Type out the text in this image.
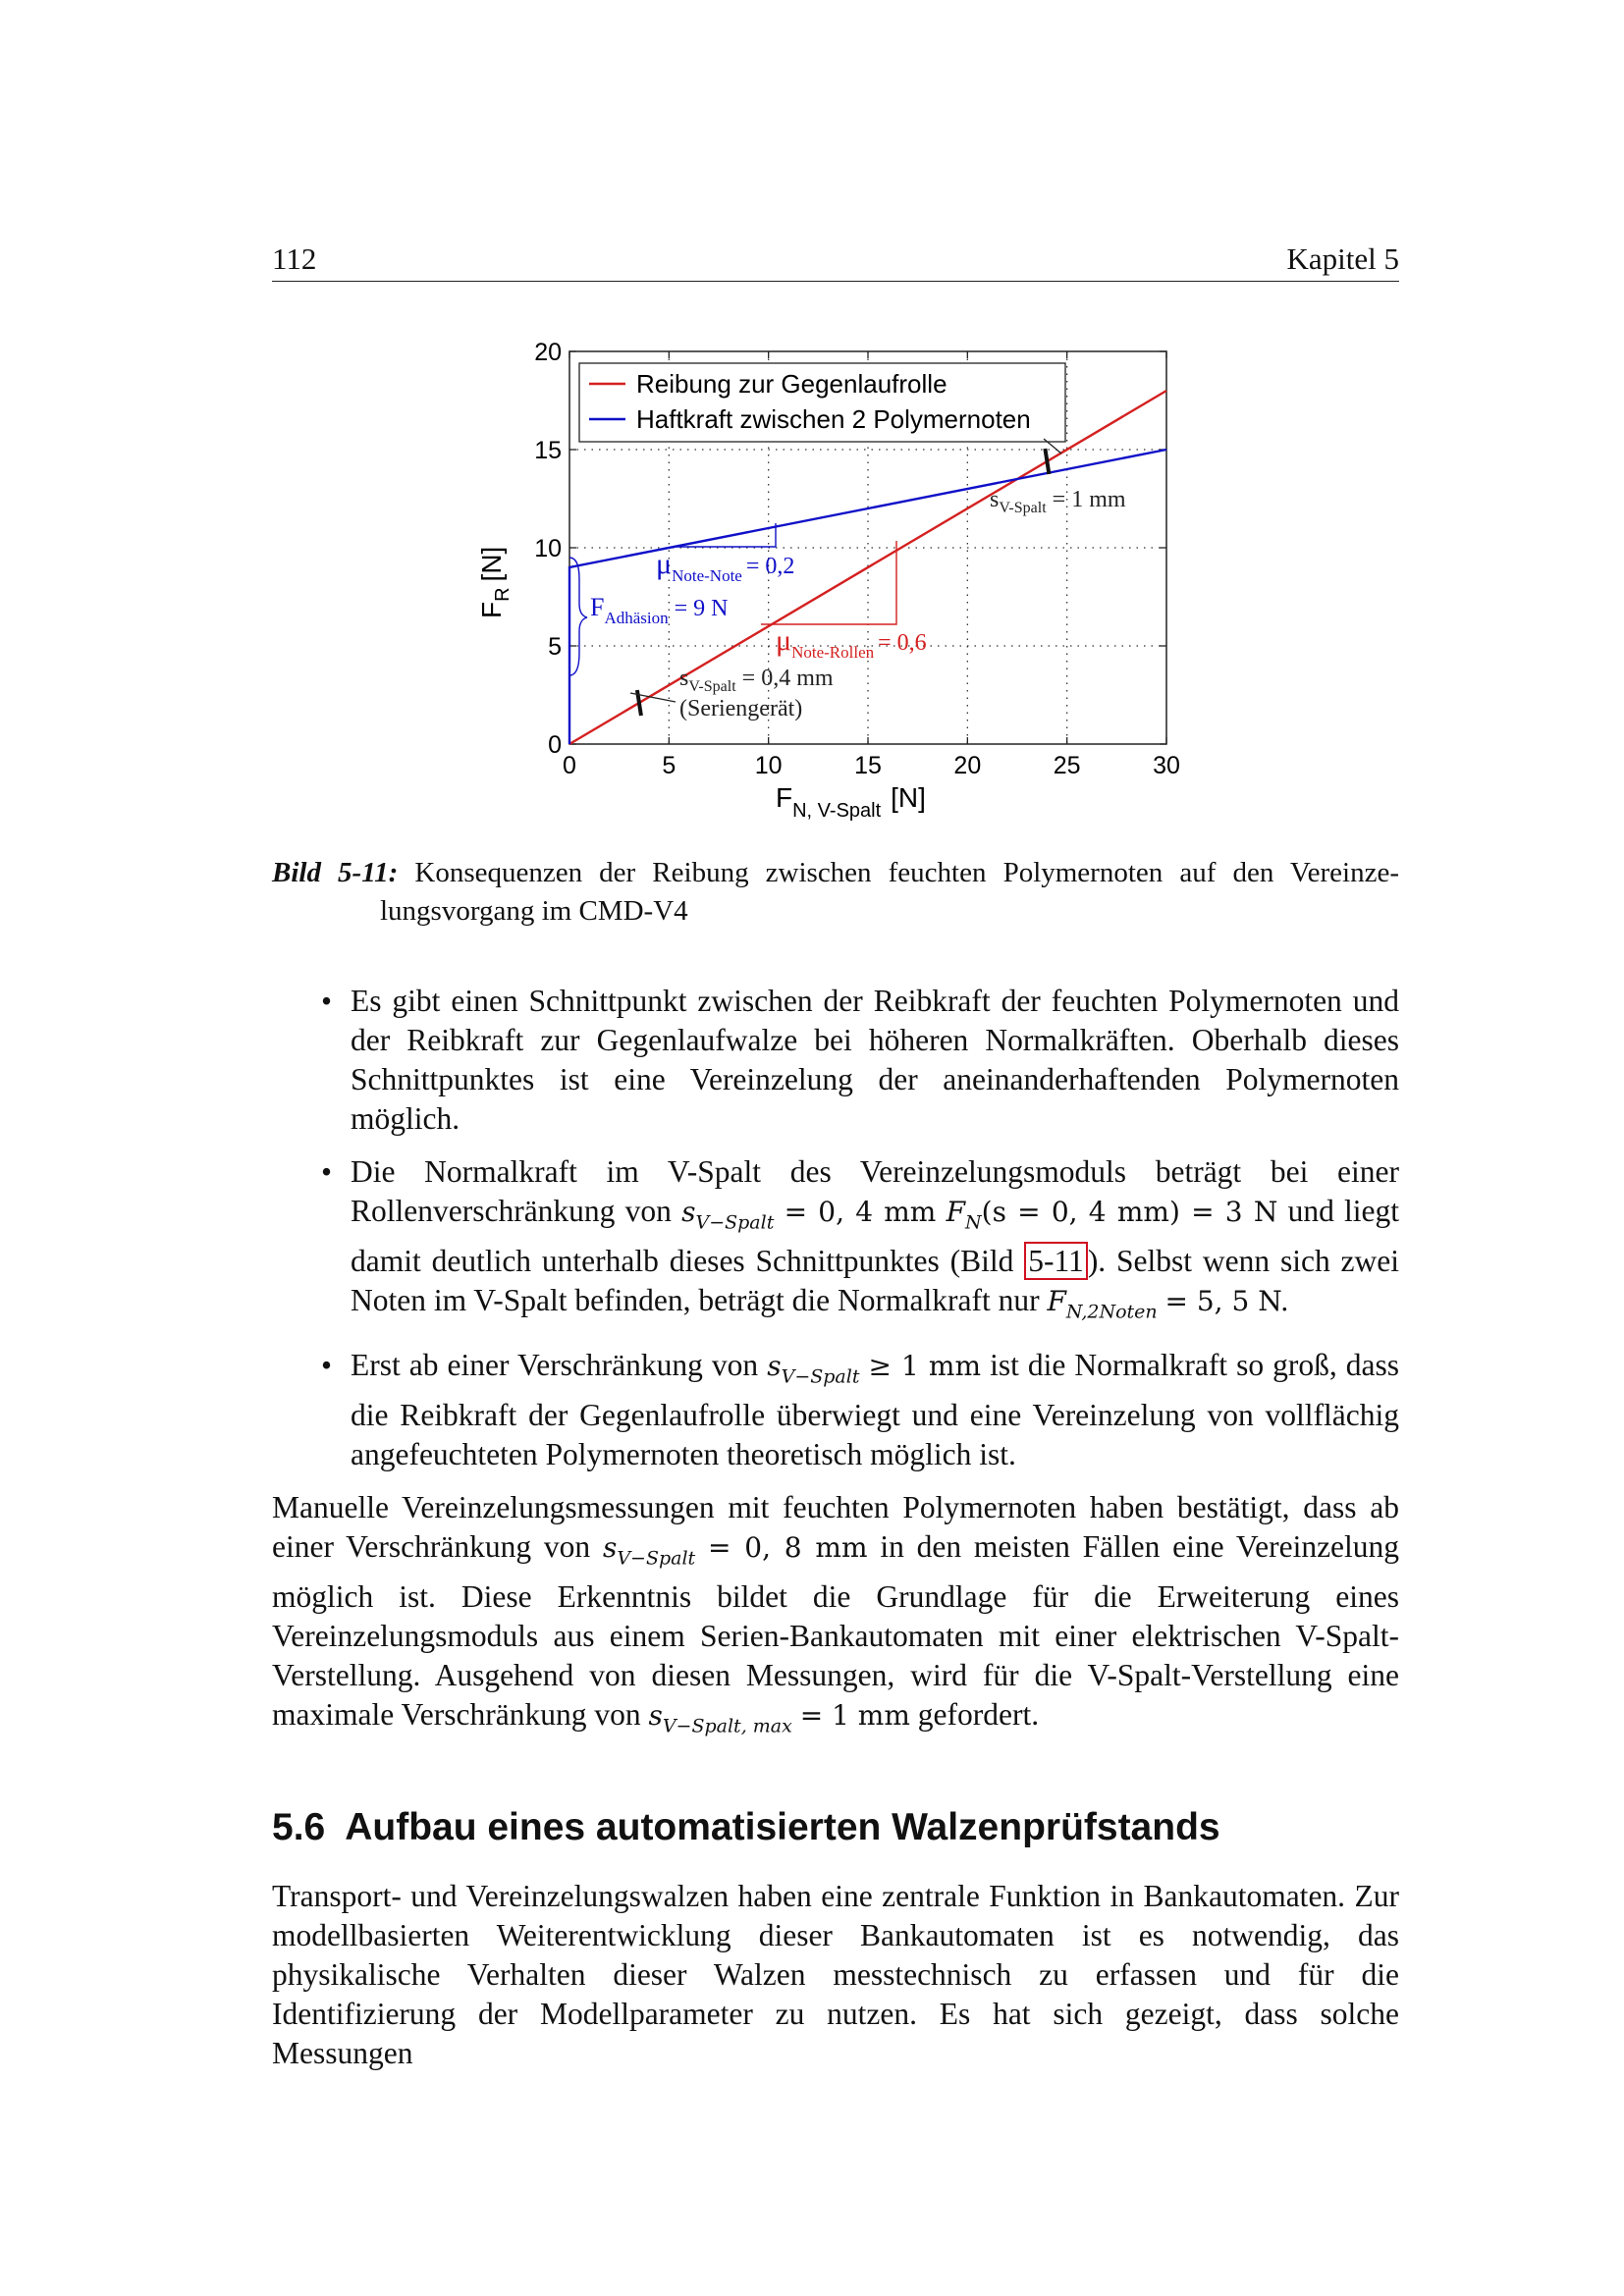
112	Kapitel 5
0	5	10	15	20	25	30
0
5
10
15
20
Reibung zur Gegenlaufrolle
Haftkraft zwischen 2 Polymernoten
μNote-Note = 0,2
μNote-Rollen = 0,6
FAdhäsion = 9 N
sV-Spalt = 1 mm
sV-Spalt = 0,4 mm
(Seriengerät)
$F_{N, V-Spalt}$ [N]
$F_R[N]$
Bild 5-11: Konsequenzen der Reibung zwischen feuchten Polymernoten auf den Vereinze-
lungsvorgang im CMD-V4
• Es gibt einen Schnittpunkt zwischen der Reibkraft der feuchten Polymernoten und der Reibkraft zur Gegenlaufwalze bei höheren Normalkräften. Oberhalb dieses Schnittpunktes ist eine Vereinzelung der aneinanderhaftenden Polymernoten möglich.
• Die Normalkraft im V-Spalt des Vereinzelungsmoduls beträgt bei einer Rollenverschränkung von $s_{V-Spalt} = 0$, 4 mm $F_N(s = 0$, 4 mm) = 3 N und liegt damit deutlich unterhalb dieses Schnittpunktes (Bild 5-11 ). Selbst wenn sich zwei Noten im V-Spalt befinden, beträgt die Normalkraft nur $F_{N,2Noten} = 5$, 5 N.
• Erst ab einer Verschränkung von $s_{V-Spalt} \ge 1$ mm ist die Normalkraft so groß, dass die Reibkraft der Gegenlaufrolle überwiegt und eine Vereinzelung von vollflächig angefeuchteten Polymernoten theoretisch möglich ist.

Manuelle Vereinzelungsmessungen mit feuchten Polymernoten haben bestätigt, dass ab einer Verschränkung von $s_{V-Spalt} = 0$, 8 mm in den meisten Fällen eine Vereinzelung möglich ist. Diese Erkenntnis bildet die Grundlage für die Erweiterung eines Vereinzelungsmoduls aus einem Serien-Bankautomaten mit einer elektrischen V-Spalt-Verstellung. Ausgehend von diesen Messungen, wird für die V-Spalt-Verstellung eine maximale Verschränkung von $s_{V-Spalt, max} = 1$ mm gefordert.

5.6 Aufbau eines automatisierten Walzenprüfstands

Transport- und Vereinzelungswalzen haben eine zentrale Funktion in Bankautomaten. Zur modellbasierten Weiterentwicklung dieser Bankautomaten ist es notwendig, das physikalische Verhalten dieser Walzen messtechnisch zu erfassen und für die Identifizierung der Modellparameter zu nutzen. Es hat sich gezeigt, dass solche Messungen
